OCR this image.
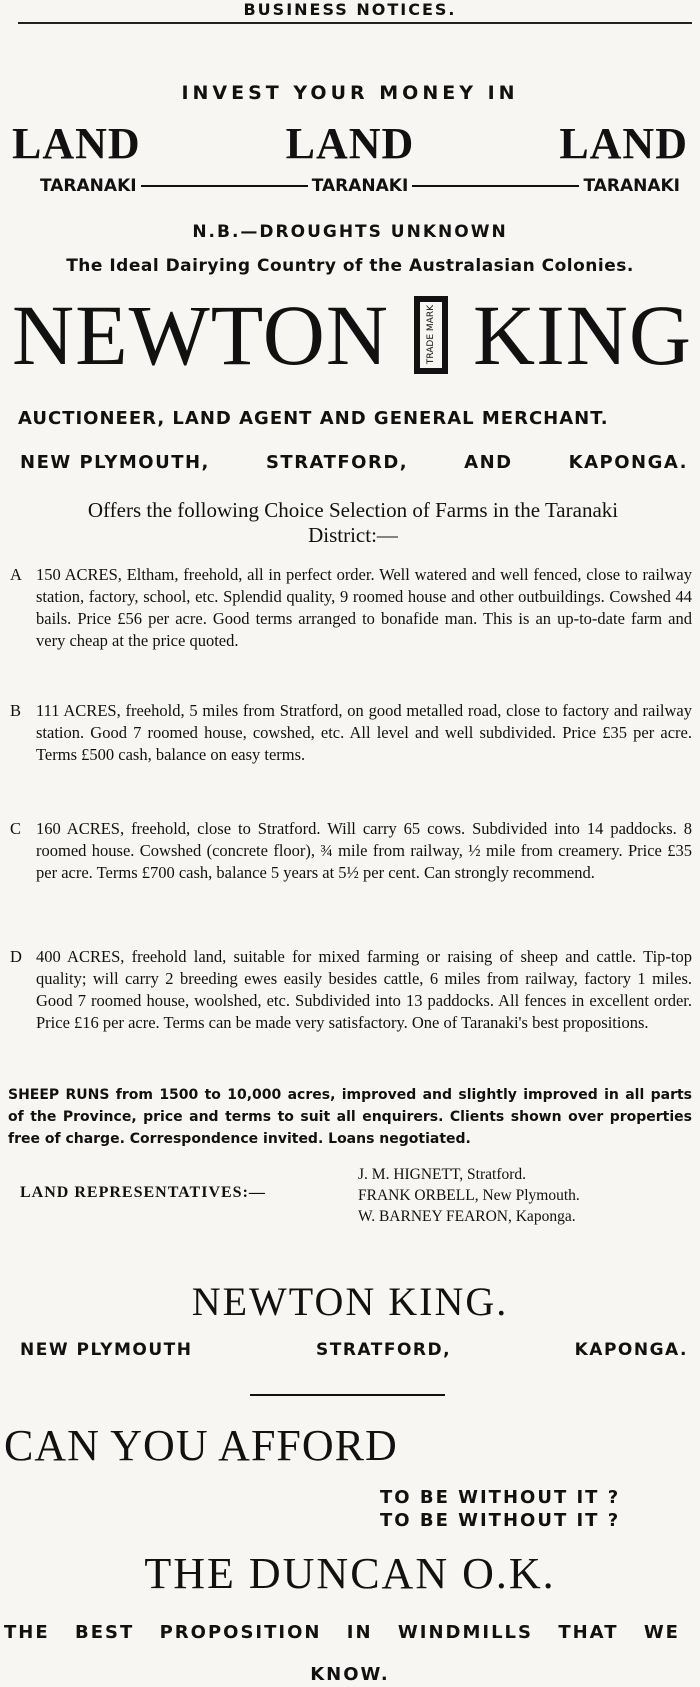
BUSINESS NOTICES.
INVEST YOUR MONEY IN
LAND	LAND	LAND
TARANAKI	TARANAKI	TARANAKI
N.B.—DROUGHTS UNKNOWN
The Ideal Dairying Country of the Australasian Colonies.
NEWTON	TRADE MARK KING
AUCTIONEER, LAND AGENT AND GENERAL MERCHANT.
NEW PLYMOUTH,	STRATFORD,	AND	KAPONGA.
Offers the following Choice Selection of Farms in the Taranaki
District:—
A 150 ACRES, Eltham, freehold, all in perfect order. Well watered and well fenced, close to railway station, factory, school, etc. Splendid quality, 9 roomed house and other outbuildings. Cowshed 44 bails. Price £56 per acre. Good terms arranged to bonafide man. This is an up-to-date farm and very cheap at the price quoted.
B 111 ACRES, freehold, 5 miles from Stratford, on good metalled road, close to factory and railway station. Good 7 roomed house, cowshed, etc. All level and well subdivided. Price £35 per acre. Terms £500 cash, balance on easy terms.
C 160 ACRES, freehold, close to Stratford. Will carry 65 cows. Subdivided into 14 paddocks. 8 roomed house. Cowshed (concrete floor), ¾ mile from railway, ½ mile from creamery. Price £35 per acre. Terms £700 cash, balance 5 years at 5½ per cent. Can strongly recommend.
D 400 ACRES, freehold land, suitable for mixed farming or raising of sheep and cattle. Tip-top quality; will carry 2 breeding ewes easily besides cattle, 6 miles from railway, factory 1 miles. Good 7 roomed house, woolshed, etc. Subdivided into 13 paddocks. All fences in excellent order. Price £16 per acre. Terms can be made very satisfactory. One of Taranaki's best propositions.
SHEEP RUNS from 1500 to 10,000 acres, improved and slightly improved in all parts of the Province, price and terms to suit all enquirers. Clients shown over properties free of charge. Correspondence invited. Loans negotiated.
LAND REPRESENTATIVES:—
J. M. HIGNETT, Stratford.
FRANK ORBELL, New Plymouth.
W. BARNEY FEARON, Kaponga.
NEWTON KING.
NEW PLYMOUTH	STRATFORD,	KAPONGA.
CAN YOU AFFORD
TO BE WITHOUT IT ?
TO BE WITHOUT IT ?
THE DUNCAN O.K.
THE BEST PROPOSITION IN WINDMILLS THAT WE
KNOW.
